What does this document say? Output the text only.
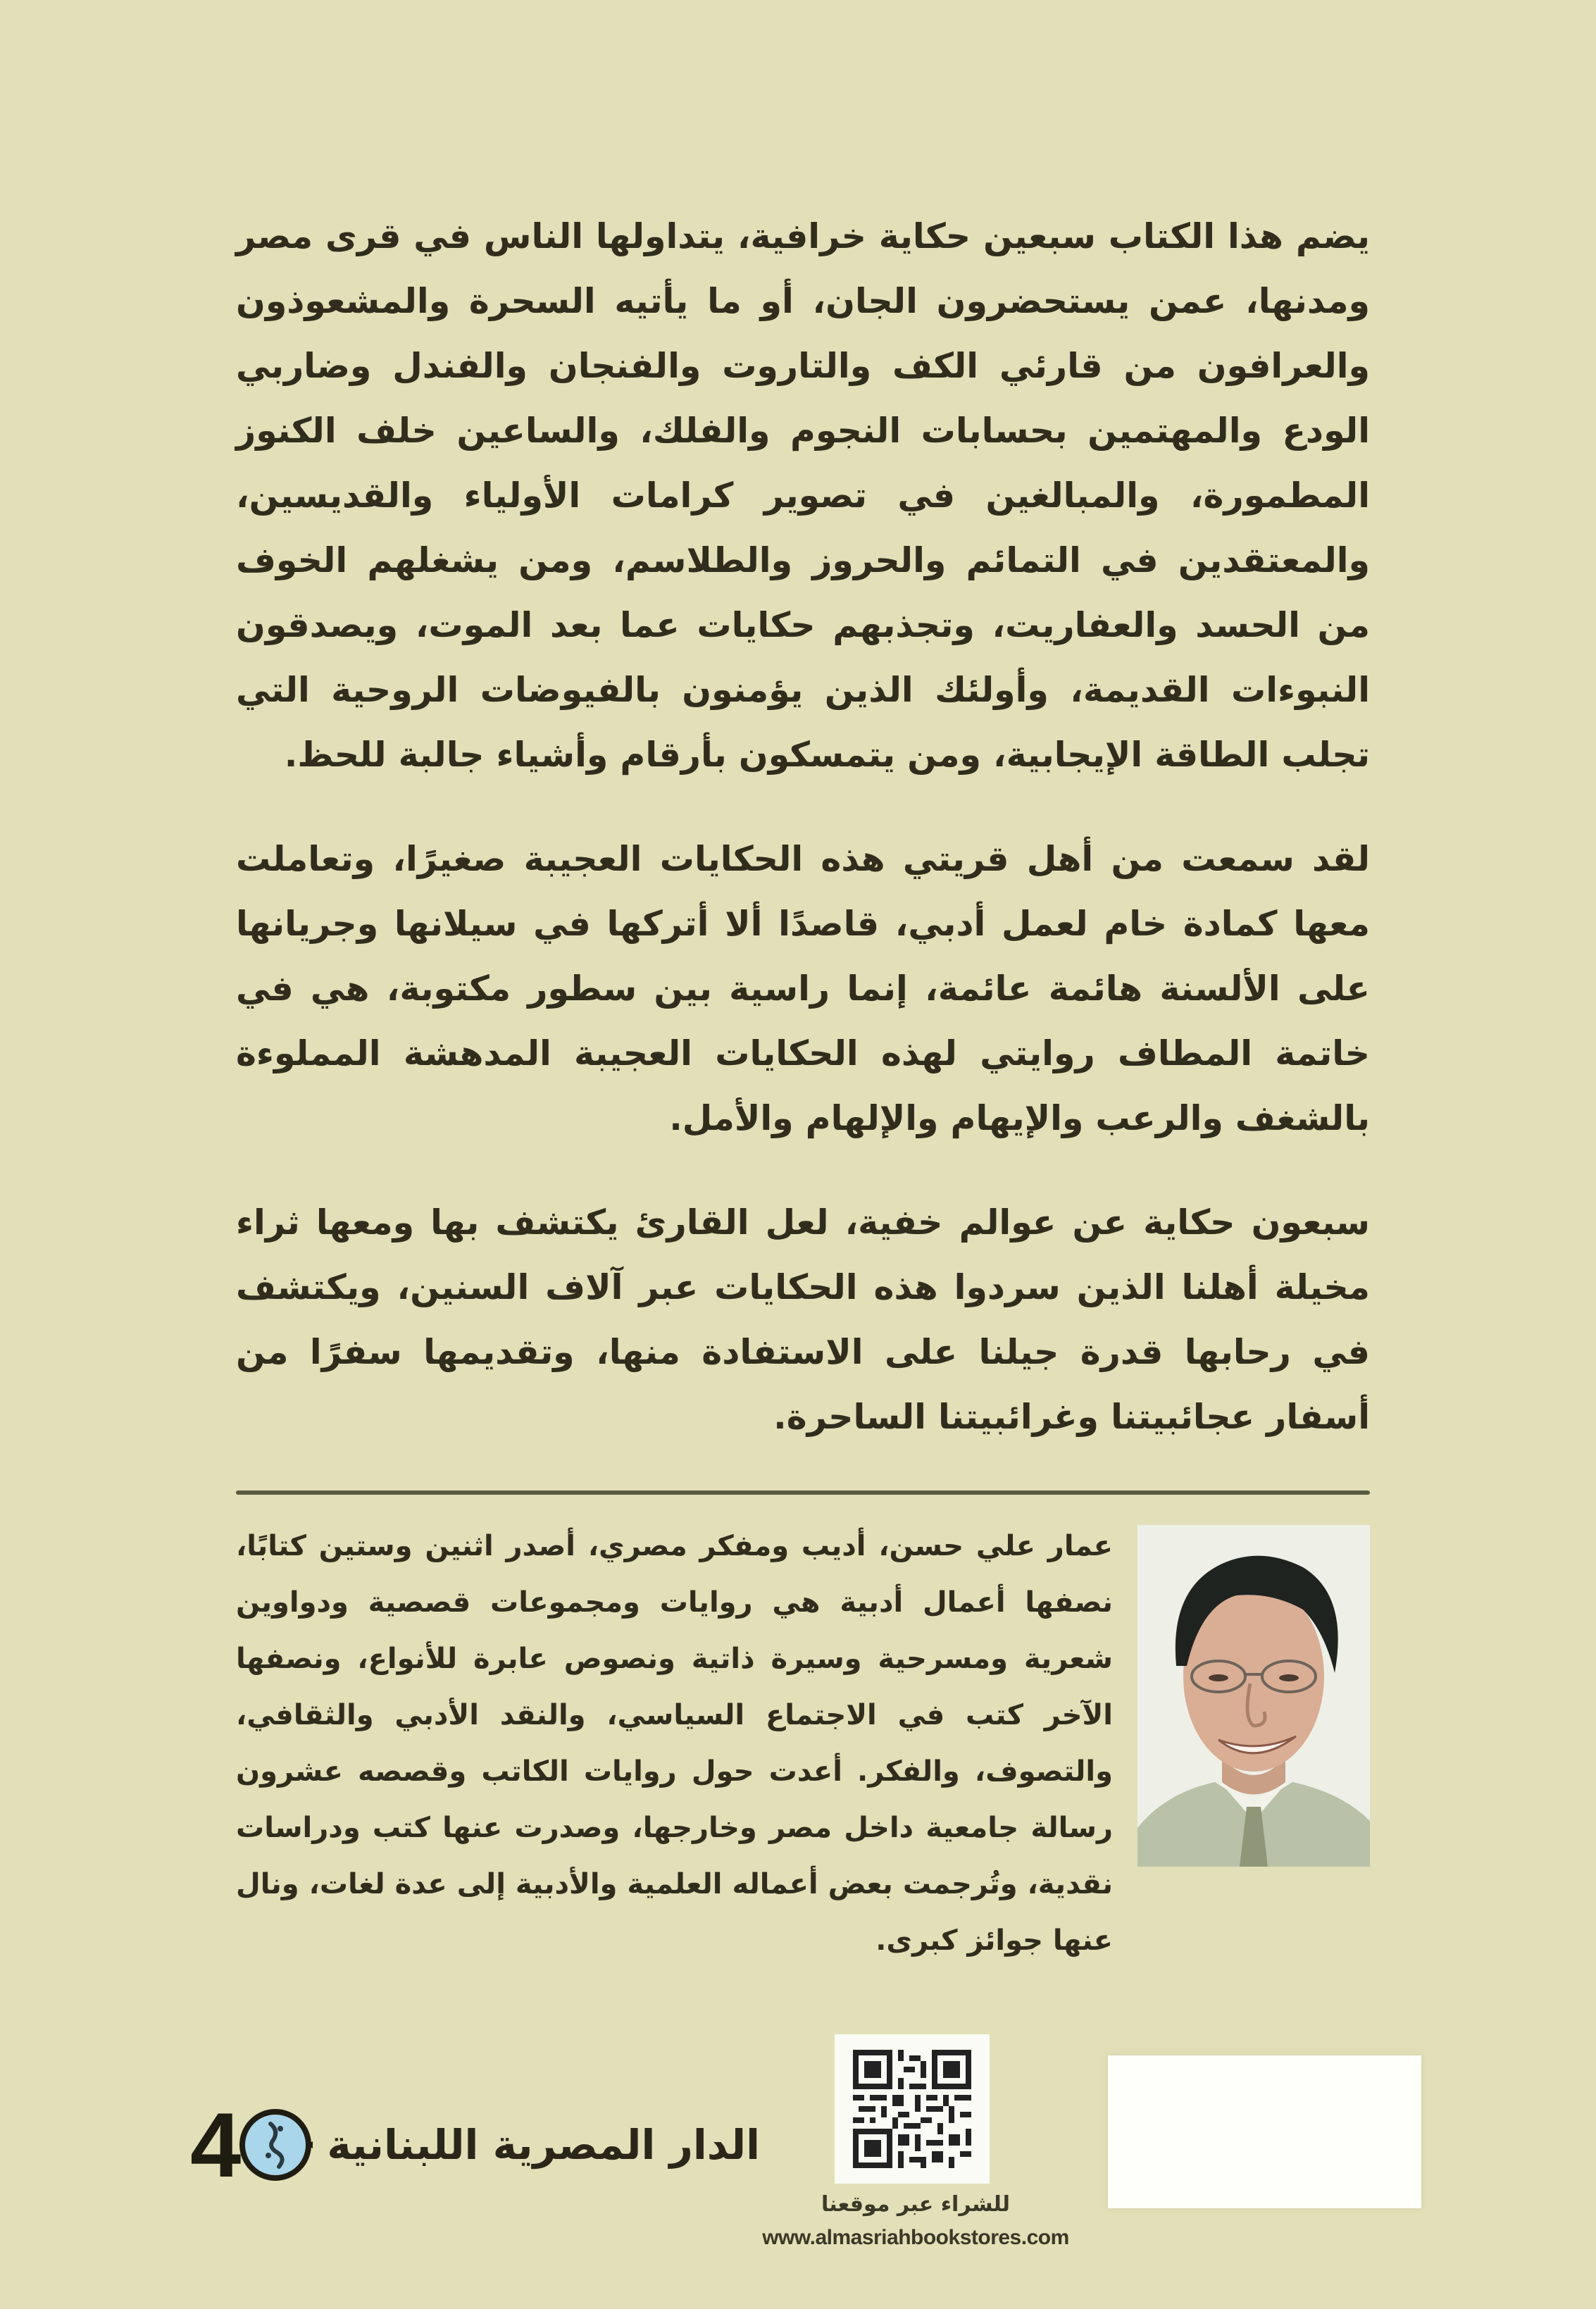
يضم هذا الكتاب سبعين حكاية خرافية، يتداولها الناس في قرى مصر ومدنها، عمن يستحضرون الجان، أو ما يأتيه السحرة والمشعوذون والعرافون من قارئي الكف والتاروت والفنجان والفندل وضاربي الودع والمهتمين بحسابات النجوم والفلك، والساعين خلف الكنوز المطمورة، والمبالغين في تصوير كرامات الأولياء والقديسين، والمعتقدين في التمائم والحروز والطلاسم، ومن يشغلهم الخوف من الحسد والعفاريت، وتجذبهم حكايات عما بعد الموت، ويصدقون النبوءات القديمة، وأولئك الذين يؤمنون بالفيوضات الروحية التي تجلب الطاقة الإيجابية، ومن يتمسكون بأرقام وأشياء جالبة للحظ.

لقد سمعت من أهل قريتي هذه الحكايات العجيبة صغيرًا، وتعاملت معها كمادة خام لعمل أدبي، قاصدًا ألا أتركها في سيلانها وجريانها على الألسنة هائمة عائمة، إنما راسية بين سطور مكتوبة، هي في خاتمة المطاف روايتي لهذه الحكايات العجيبة المدهشة المملوءة بالشغف والرعب والإيهام والإلهام والأمل.

سبعون حكاية عن عوالم خفية، لعل القارئ يكتشف بها ومعها ثراء مخيلة أهلنا الذين سردوا هذه الحكايات عبر آلاف السنين، ويكتشف في رحابها قدرة جيلنا على الاستفادة منها، وتقديمها سفرًا من أسفار عجائبيتنا وغرائبيتنا الساحرة.

عمار علي حسن، أديب ومفكر مصري، أصدر اثنين وستين كتابًا، نصفها أعمال أدبية هي روايات ومجموعات قصصية ودواوين شعرية ومسرحية وسيرة ذاتية ونصوص عابرة للأنواع، ونصفها الآخر كتب في الاجتماع السياسي، والنقد الأدبي والثقافي، والتصوف، والفكر. أعدت حول روايات الكاتب وقصصه عشرون رسالة جامعية داخل مصر وخارجها، وصدرت عنها كتب ودراسات نقدية، وتُرجمت بعض أعماله العلمية والأدبية إلى عدة لغات، ونال عنها جوائز كبرى.

4 الدار المصرية اللبنانية
للشراء عبر موقعنا
www.almasriahbookstores.com
